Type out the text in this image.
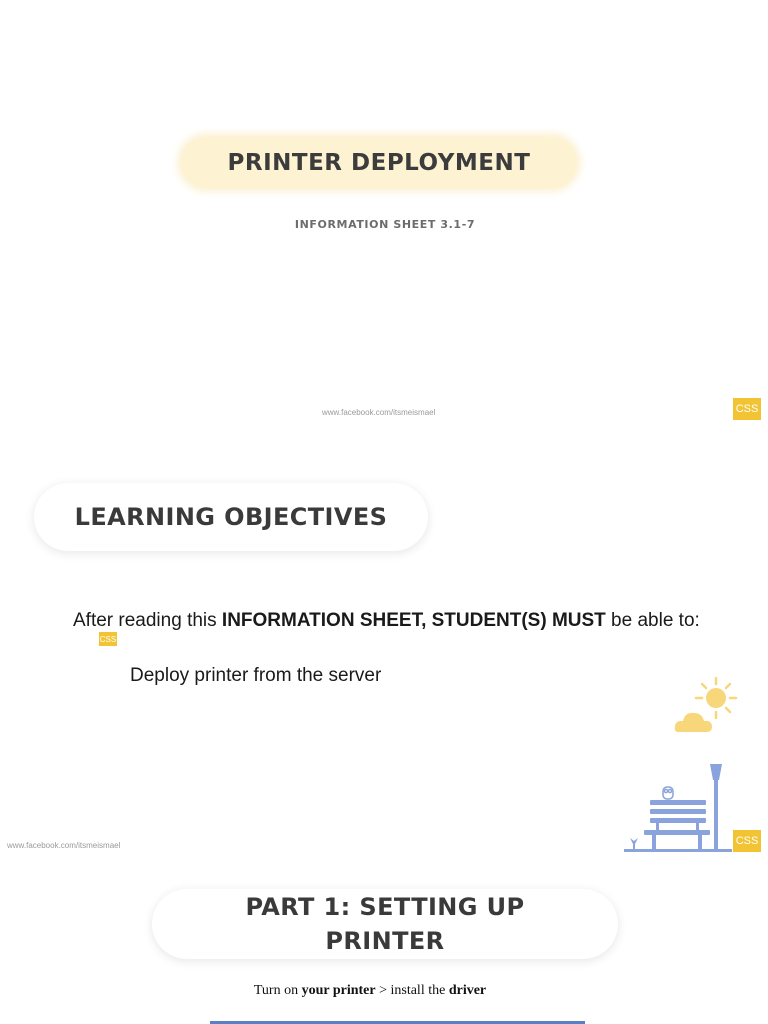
PRINTER DEPLOYMENT
INFORMATION SHEET 3.1-7
www.facebook.com/itsmeismael	CSS
LEARNING OBJECTIVES
After reading this INFORMATION SHEET, STUDENT(S) MUST be able to:
CSS
Deploy printer from the server
www.facebook.com/itsmeismael	CSS
PART 1: SETTING UP
PRINTER
Turn on your printer > install the driver
